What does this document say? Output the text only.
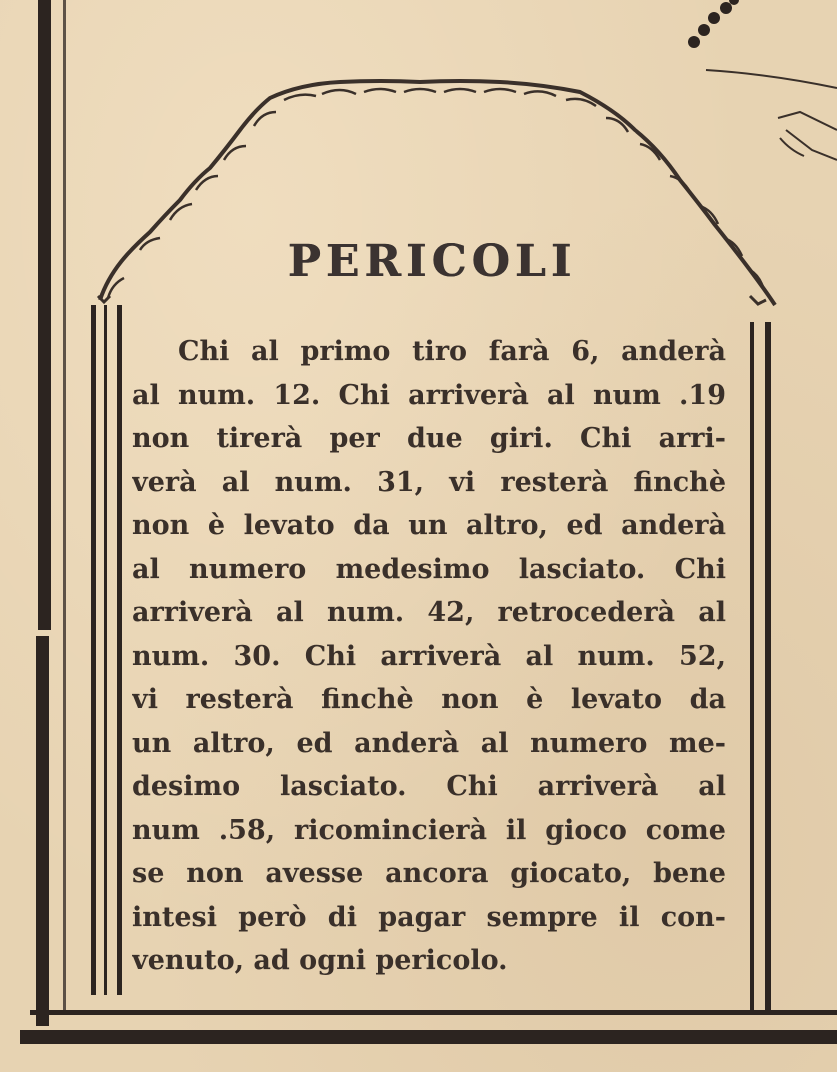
PERICOLI
Chi al primo tiro farà 6, anderà
al num. 12. Chi arriverà al num .19
non tirerà per due giri. Chi arri-
verà al num. 31, vi resterà finchè
non è levato da un altro, ed anderà
al numero medesimo lasciato. Chi
arriverà al num. 42, retrocederà al
num. 30. Chi arriverà al num. 52,
vi resterà finchè non è levato da
un altro, ed anderà al numero me-
desimo lasciato. Chi arriverà al
num .58, ricomincierà il gioco come
se non avesse ancora giocato, bene
intesi però di pagar sempre il con-
venuto, ad ogni pericolo.
